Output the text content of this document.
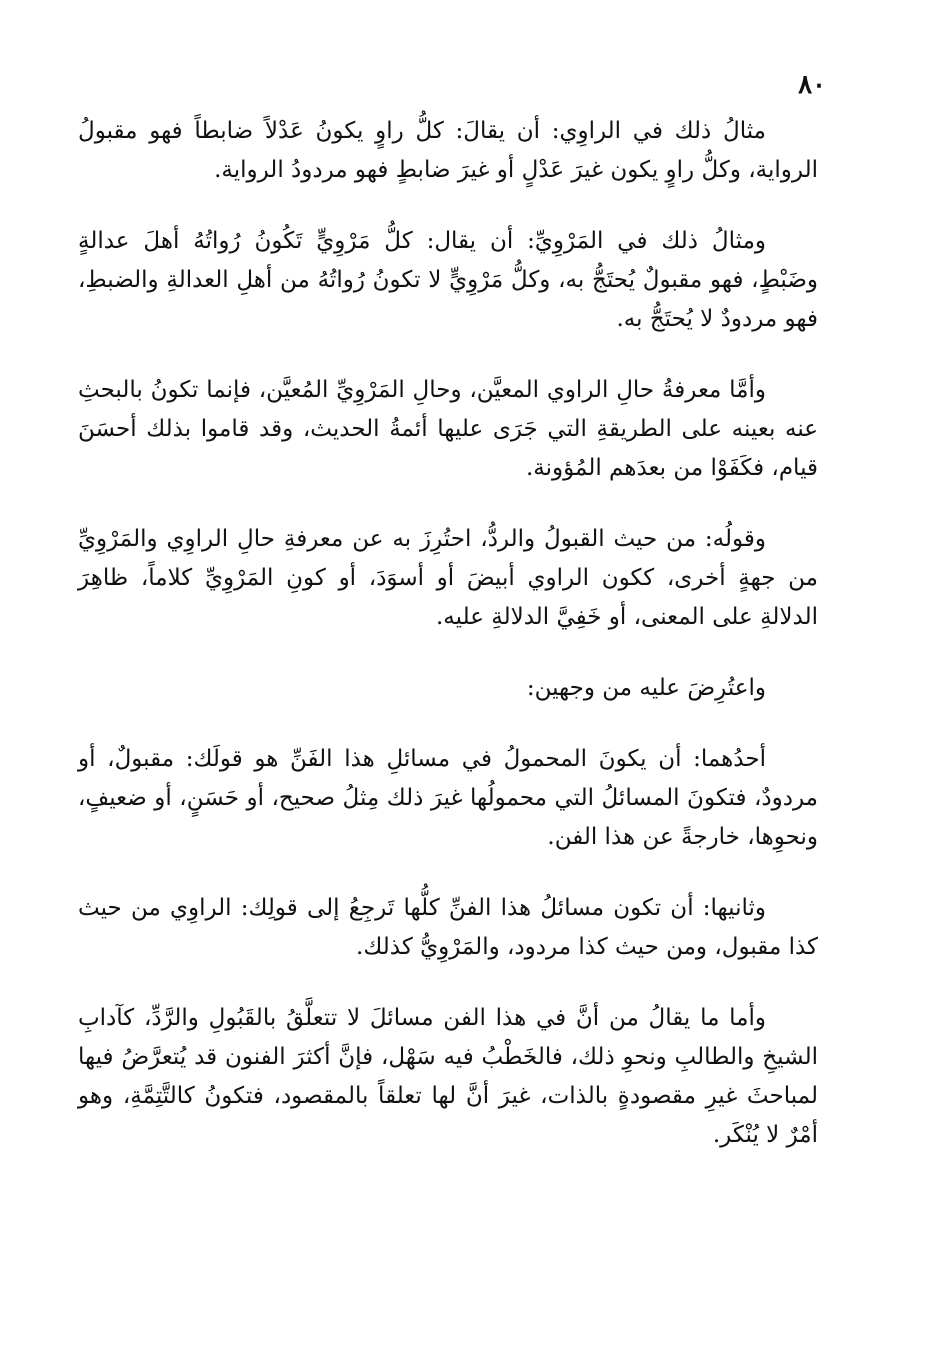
٨٠

مثالُ ذلك في الراوِي: أن يقالَ: كلُّ راوٍ يكونُ عَدْلاً ضابطاً فهو مقبولُ الرواية، وكلُّ راوٍ يكون غيرَ عَدْلٍ أو غيرَ ضابطٍ فهو مردودُ الرواية.

ومثالُ ذلك في المَرْوِيِّ: أن يقال: كلُّ مَرْوِيٍّ تَكُونُ رُواتُهُ أهلَ عدالةٍ وضَبْطٍ، فهو مقبولٌ يُحتَجُّ به، وكلُّ مَرْوِيٍّ لا تكونُ رُواتُهُ من أهلِ العدالةِ والضبطِ، فهو مردودٌ لا يُحتَجُّ به.

وأمَّا معرفةُ حالِ الراوي المعيَّن، وحالِ المَرْوِيِّ المُعيَّن، فإنما تكونُ بالبحثِ عنه بعينه على الطريقةِ التي جَرَى عليها أئمةُ الحديث، وقد قاموا بذلك أحسَنَ قيام، فكَفَوْا من بعدَهم المُؤونة.

وقولُه: من حيث القبولُ والردُّ، احتُرِزَ به عن معرفةِ حالِ الراوِي والمَرْوِيِّ من جهةٍ أخرى، ككون الراوي أبيضَ أو أسوَدَ، أو كونِ المَرْوِيِّ كلاماً، ظاهِرَ الدلالةِ على المعنى، أو خَفِيَّ الدلالةِ عليه.

واعتُرِضَ عليه من وجهين:

أحدُهما: أن يكونَ المحمولُ في مسائلِ هذا الفَنِّ هو قولَك: مقبولٌ، أو مردودٌ، فتكونَ المسائلُ التي محمولُها غيرَ ذلك مِثلُ صحيح، أو حَسَنٍ، أو ضعيفٍ، ونحوِها، خارجةً عن هذا الفن.

وثانيها: أن تكون مسائلُ هذا الفنِّ كلُّها تَرجِعُ إلى قولِك: الراوِي من حيث كذا مقبول، ومن حيث كذا مردود، والمَرْوِيُّ كذلك.

وأما ما يقالُ من أنَّ في هذا الفن مسائلَ لا تتعلَّقُ بالقَبُولِ والرَّدِّ، كآدابِ الشيخِ والطالبِ ونحوِ ذلك، فالخَطْبُ فيه سَهْل، فإنَّ أكثرَ الفنون قد يُتعرَّضُ فيها لمباحثَ غيرِ مقصودةٍ بالذات، غيرَ أنَّ لها تعلقاً بالمقصود، فتكونُ كالتَّتِمَّةِ، وهو أمْرٌ لا يُنْكَر.
